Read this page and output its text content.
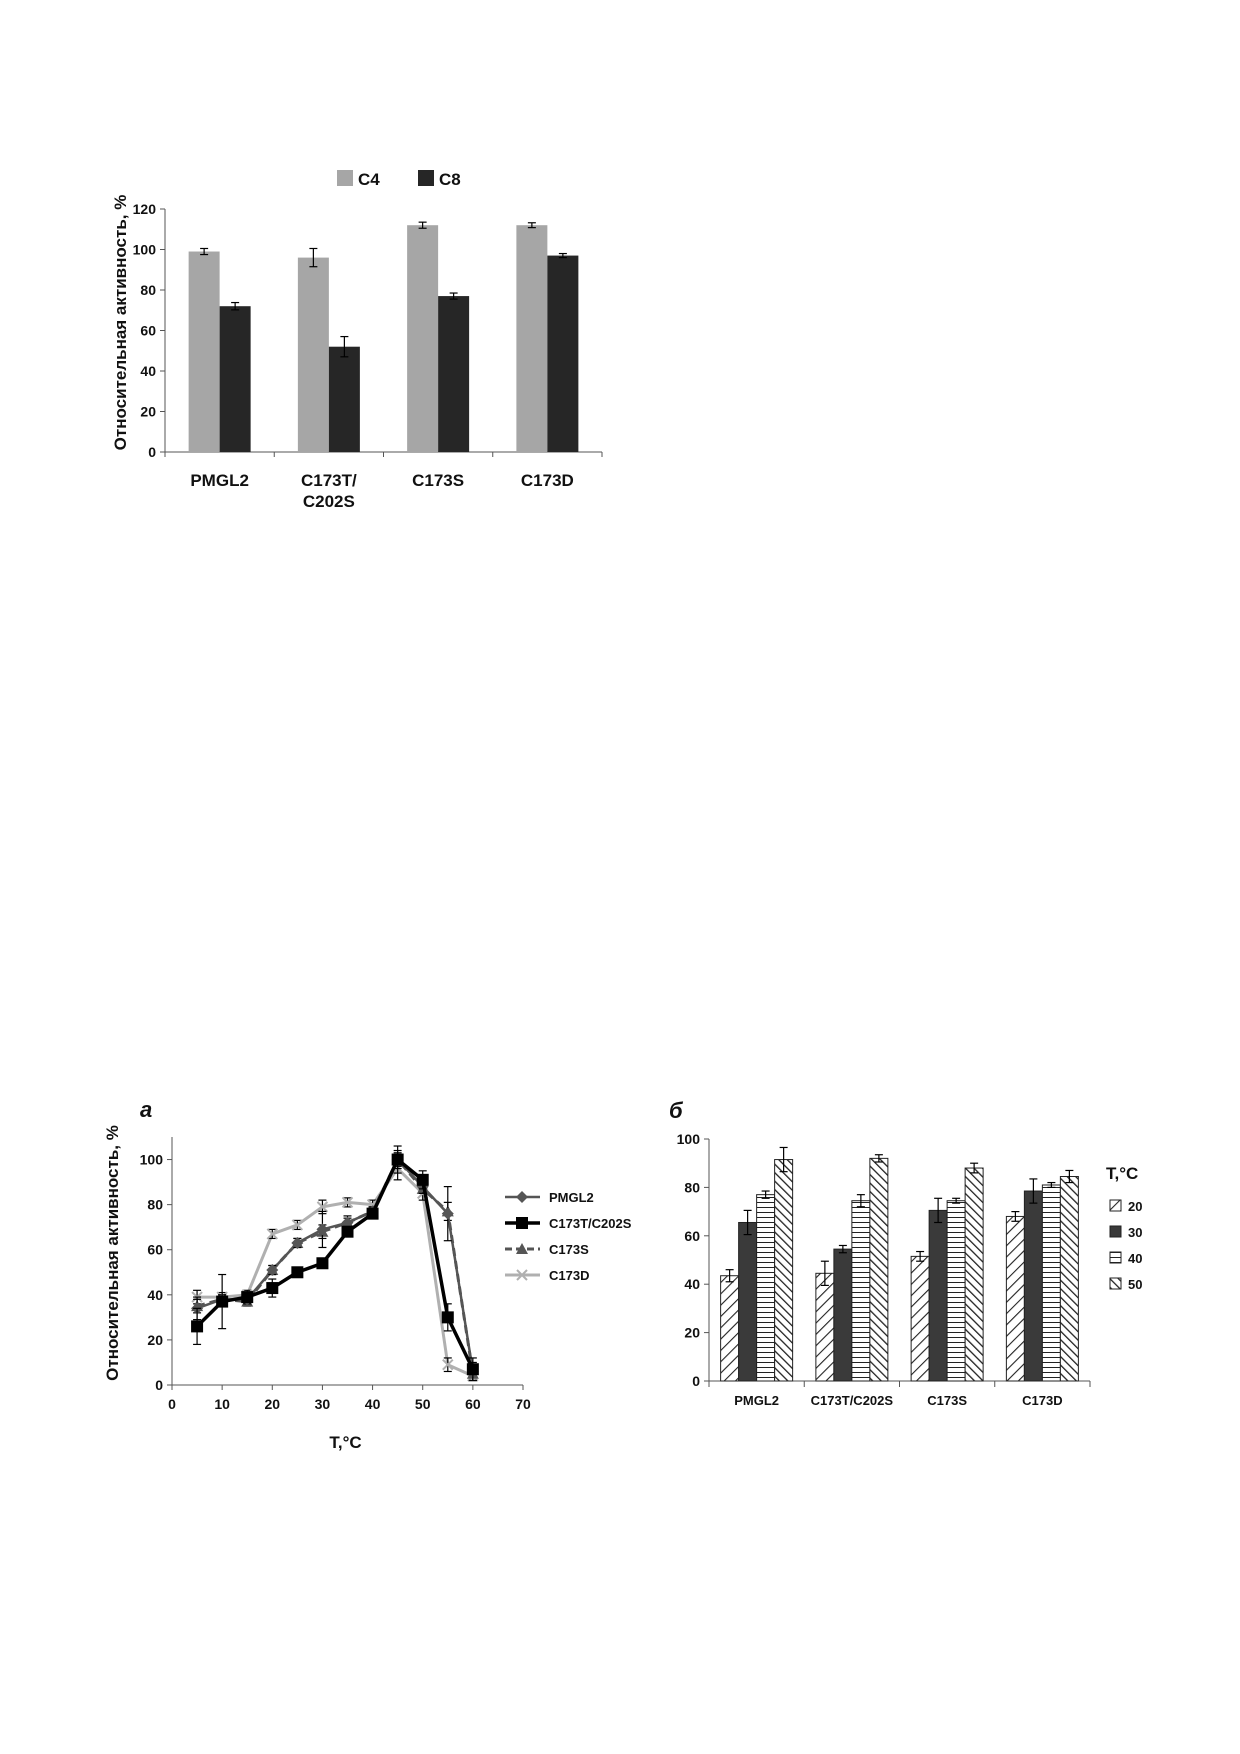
0
20
40
60
80
100
120
PMGL2	C173T/
C202S
C173S	C173D
Относительная активность, %
C4	C8
0
20
40
60
80
100
0	10 20 30 40 50 60 70
T,°C
Относительная активность, %
а
PMGL2
C173T/C202S
C173S
C173D
0
20
40
60
80
100
б
PMGL2 C173T/C202S	C173S	C173D
T,°C
20
30
40
50
